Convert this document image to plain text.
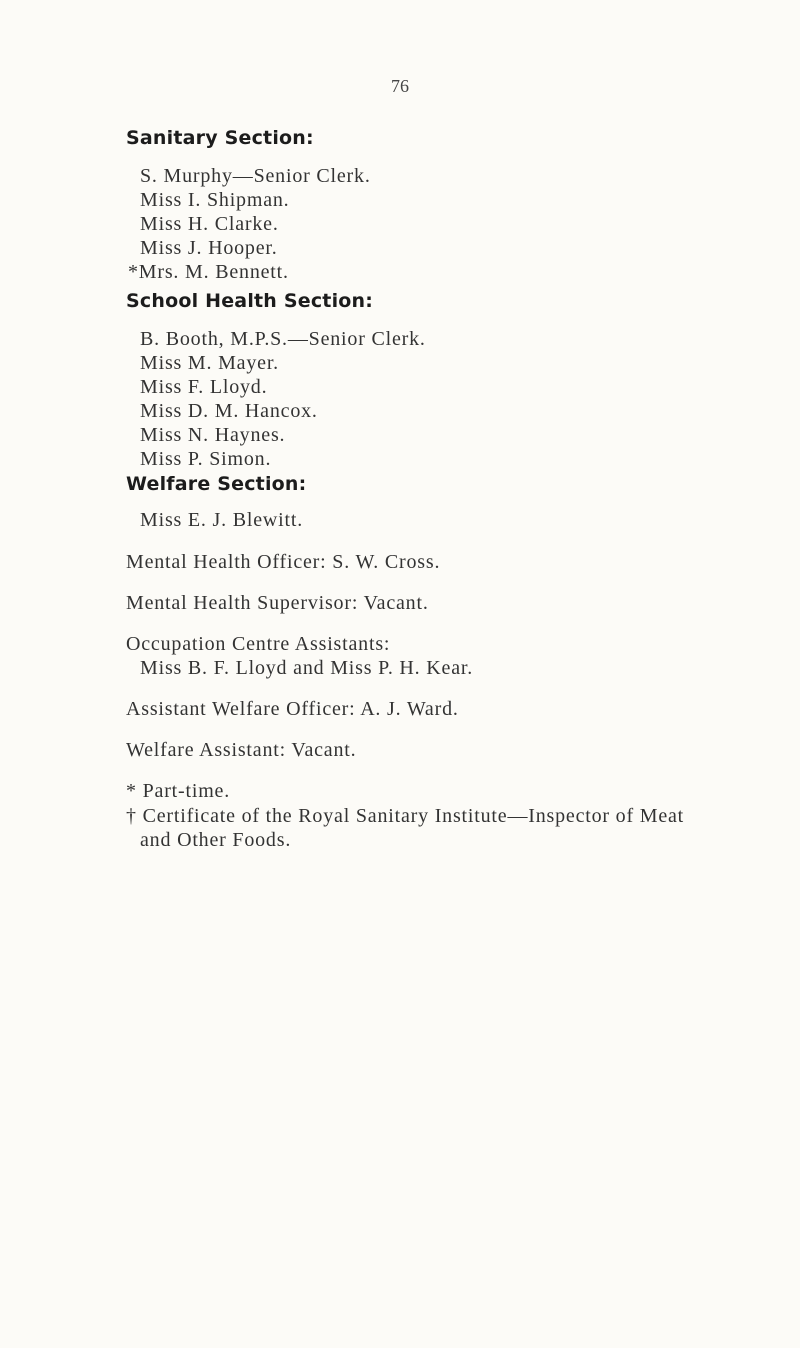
76
Sanitary Section:
S. Murphy—Senior Clerk.
Miss I. Shipman.
Miss H. Clarke.
Miss J. Hooper.
*Mrs. M. Bennett.
School Health Section:
B. Booth, M.P.S.—Senior Clerk.
Miss M. Mayer.
Miss F. Lloyd.
Miss D. M. Hancox.
Miss N. Haynes.
Miss P. Simon.
Welfare Section:
Miss E. J. Blewitt.
Mental Health Officer: S. W. Cross.
Mental Health Supervisor: Vacant.
Occupation Centre Assistants:
Miss B. F. Lloyd and Miss P. H. Kear.
Assistant Welfare Officer: A. J. Ward.
Welfare Assistant: Vacant.
* Part-time.
† Certificate of the Royal Sanitary Institute—Inspector of Meat
and Other Foods.
